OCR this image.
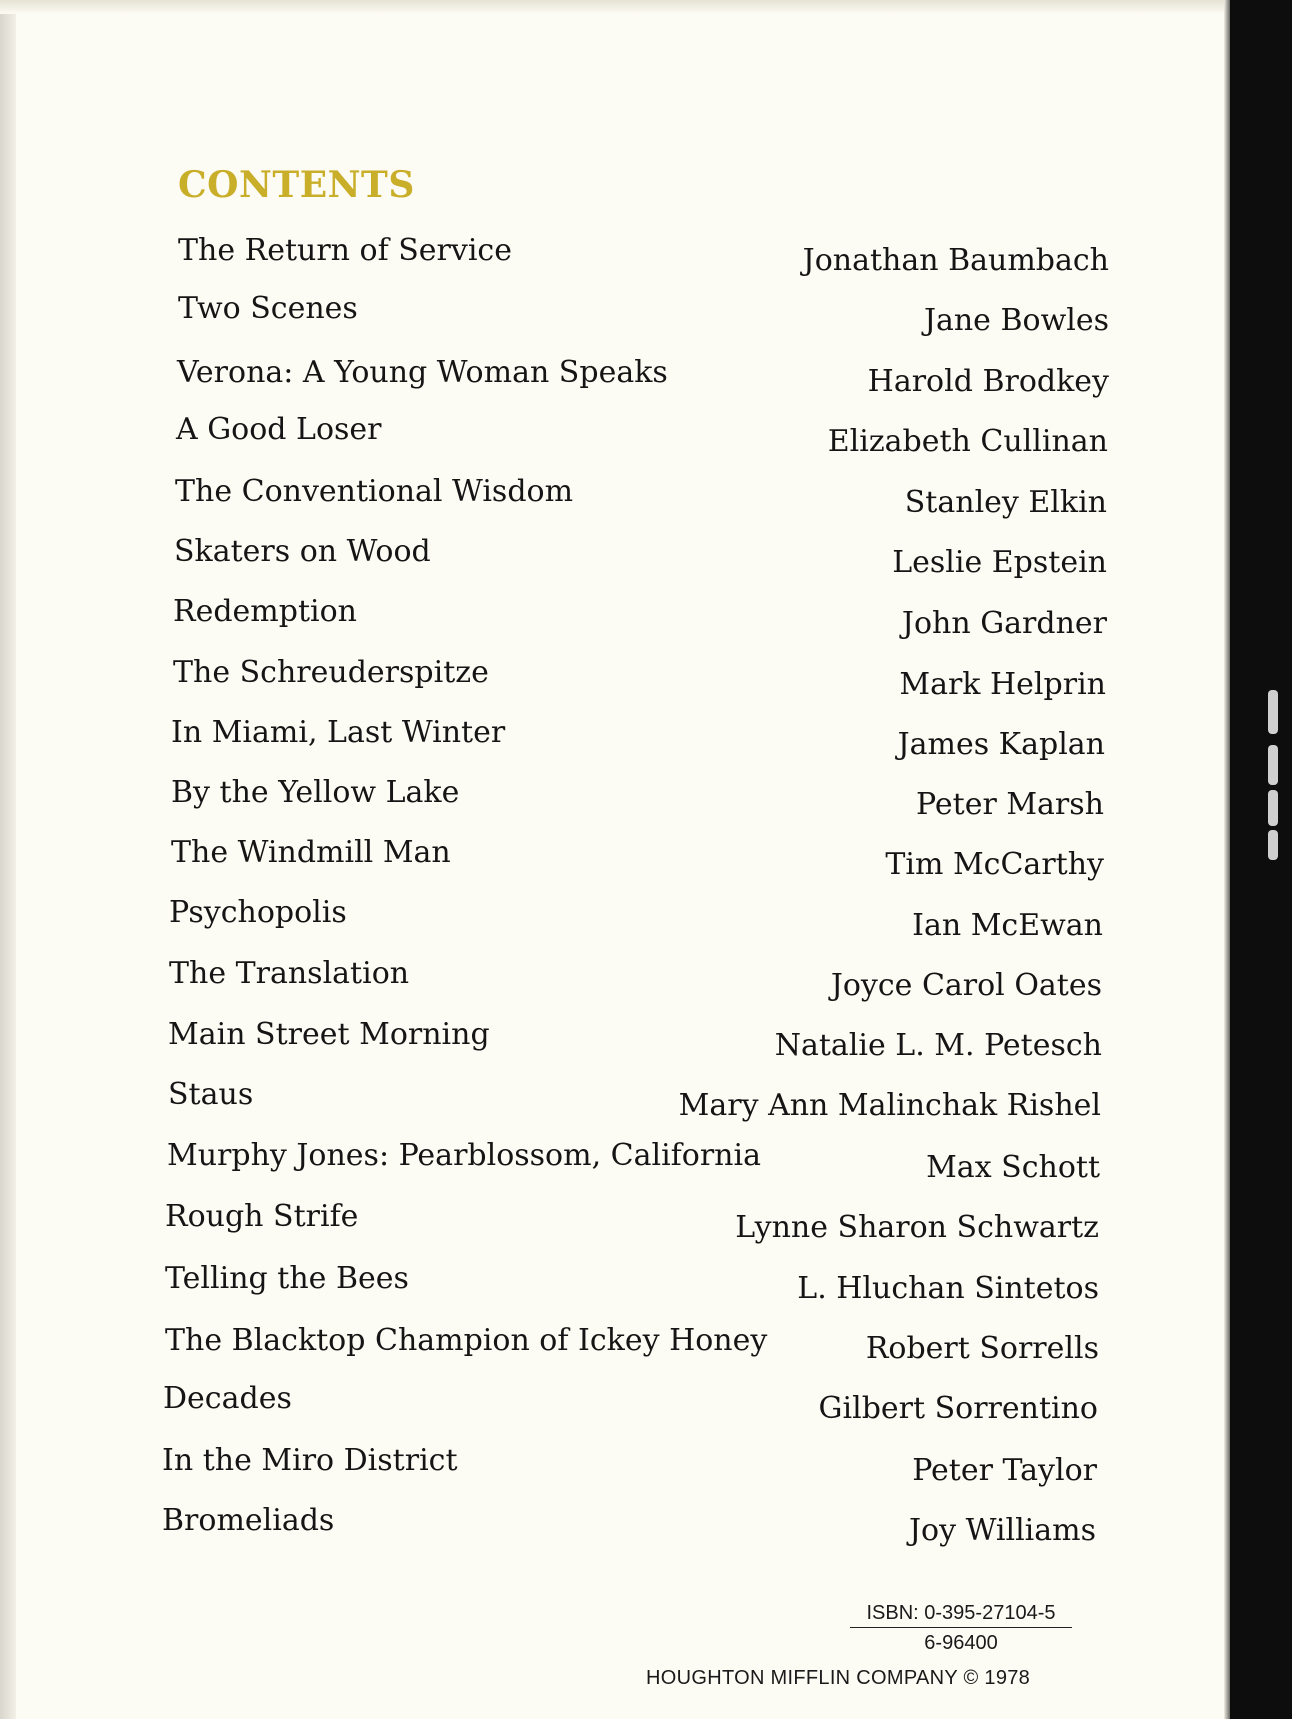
CONTENTS
The Return of Service	Jonathan Baumbach
Two Scenes	Jane Bowles
Verona: A Young Woman Speaks	Harold Brodkey
A Good Loser	Elizabeth Cullinan
The Conventional Wisdom	Stanley Elkin
Skaters on Wood	Leslie Epstein
Redemption	John Gardner
The Schreuderspitze	Mark Helprin
In Miami, Last Winter	James Kaplan
By the Yellow Lake	Peter Marsh
The Windmill Man	Tim McCarthy
Psychopolis	Ian McEwan
The Translation	Joyce Carol Oates
Main Street Morning	Natalie L. M. Petesch
Staus	Mary Ann Malinchak Rishel
Murphy Jones: Pearblossom, California	Max Schott
Rough Strife	Lynne Sharon Schwartz
Telling the Bees	L. Hluchan Sintetos
The Blacktop Champion of Ickey Honey	Robert Sorrells
Decades	Gilbert Sorrentino
In the Miro District	Peter Taylor
Bromeliads	Joy Williams
ISBN: 0-395-27104-5
6-96400
HOUGHTON MIFFLIN COMPANY © 1978
